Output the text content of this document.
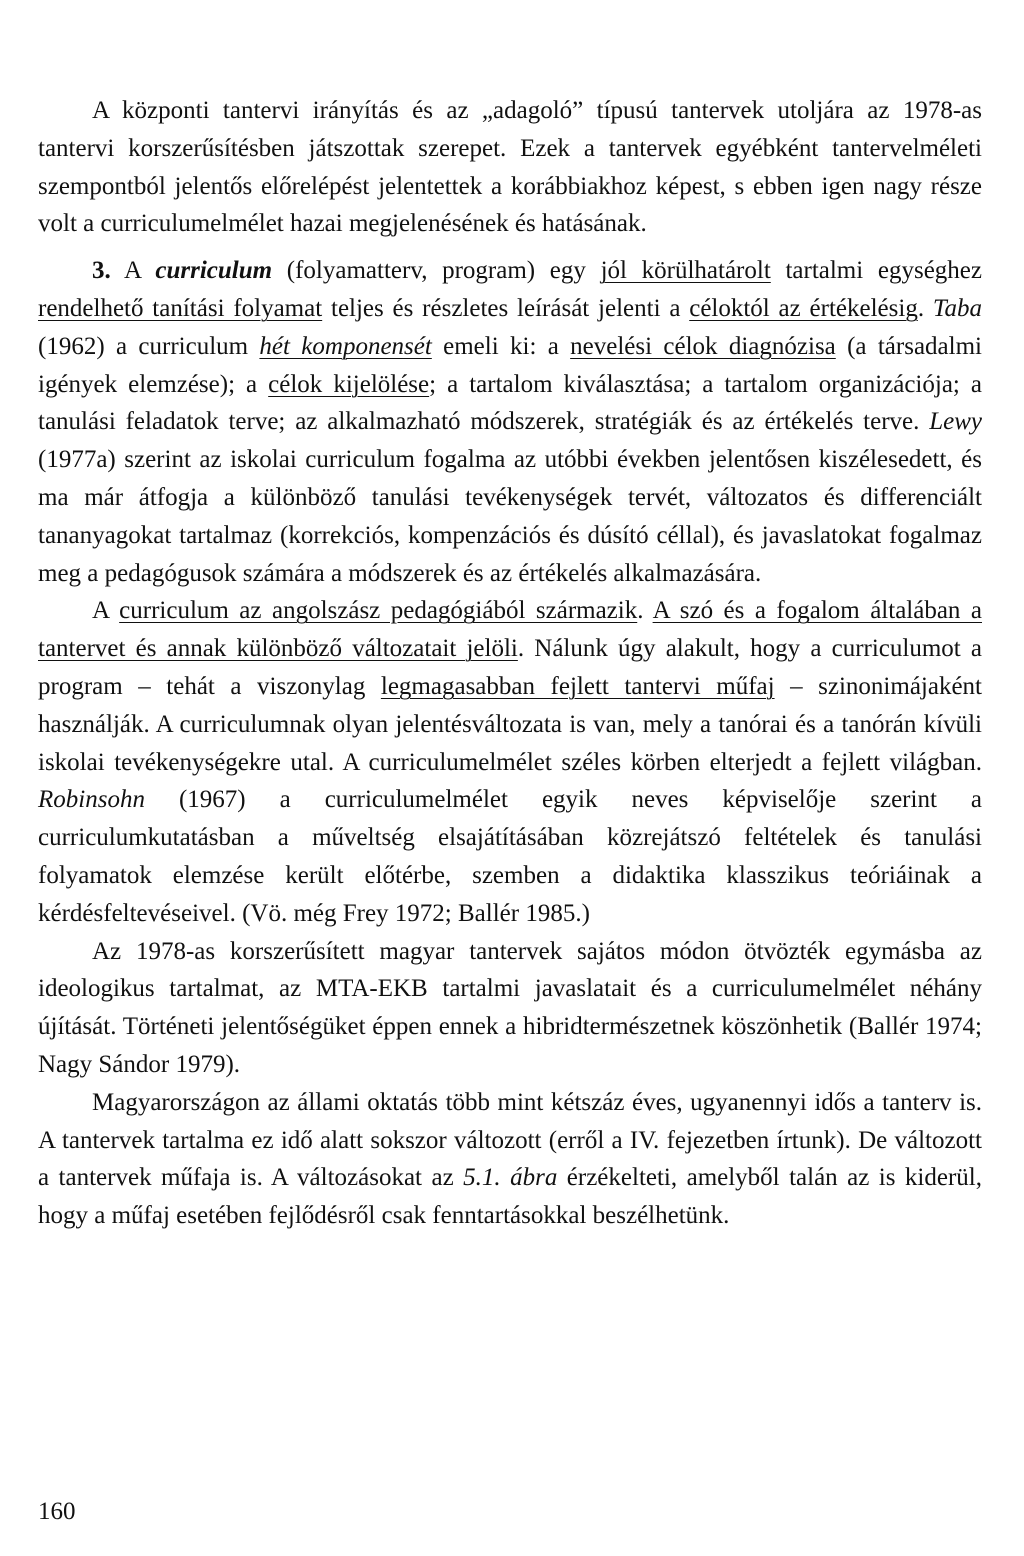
A központi tantervi irányítás és az „adagoló” típusú tantervek utoljára az 1978-as tantervi korszerűsítésben játszottak szerepet. Ezek a tantervek egyébként tantervelméleti szempontból jelentős előrelépést jelentettek a korábbiakhoz képest, s ebben igen nagy része volt a curriculumelmélet hazai megjelenésének és hatásának.

3. A curriculum (folyamatterv, program) egy jól körülhatárolt tartalmi egységhez rendelhető tanítási folyamat teljes és részletes leírását jelenti a céloktól az értékelésig. Taba (1962) a curriculum hét komponensét emeli ki: a nevelési célok diagnózisa (a társadalmi igények elemzése); a célok kijelölése; a tartalom kiválasztása; a tartalom organizációja; a tanulási feladatok terve; az alkalmazható módszerek, stratégiák és az értékelés terve. Lewy (1977a) szerint az iskolai curriculum fogalma az utóbbi években jelentősen kiszélesedett, és ma már átfogja a különböző tanulási tevékenységek tervét, változatos és differenciált tananyagokat tartalmaz (korrekciós, kompenzációs és dúsító céllal), és javaslatokat fogalmaz meg a pedagógusok számára a módszerek és az értékelés alkalmazására.

A curriculum az angolszász pedagógiából származik. A szó és a fogalom általában a tantervet és annak különböző változatait jelöli. Nálunk úgy alakult, hogy a curriculumot a program – tehát a viszonylag legmagasabban fejlett tantervi műfaj – szinonimájaként használják. A curriculumnak olyan jelentésváltozata is van, mely a tanórai és a tanórán kívüli iskolai tevékenységekre utal. A curriculumelmélet széles körben elterjedt a fejlett világban. Robinsohn (1967) a curriculumelmélet egyik neves képviselője szerint a curriculumkutatásban a műveltség elsajátításában közrejátszó feltételek és tanulási folyamatok elemzése került előtérbe, szemben a didaktika klasszikus teóriáinak a kérdésfeltevéseivel. (Vö. még Frey 1972; Ballér 1985.)

Az 1978-as korszerűsített magyar tantervek sajátos módon ötvözték egymásba az ideologikus tartalmat, az MTA-EKB tartalmi javaslatait és a curriculumelmélet néhány újítását. Történeti jelentőségüket éppen ennek a hibridtermészetnek köszönhetik (Ballér 1974; Nagy Sándor 1979).

Magyarországon az állami oktatás több mint kétszáz éves, ugyanennyi idős a tanterv is. A tantervek tartalma ez idő alatt sokszor változott (erről a IV. fejezetben írtunk). De változott a tantervek műfaja is. A változásokat az 5.1. ábra érzékelteti, amelyből talán az is kiderül, hogy a műfaj esetében fejlődésről csak fenntartásokkal beszélhetünk.

160
